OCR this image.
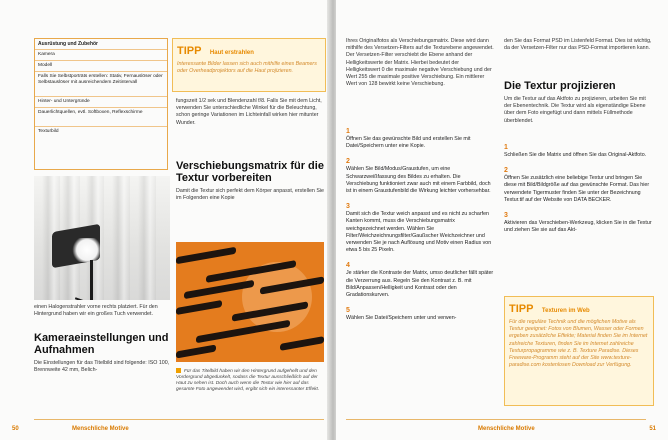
Ausrüstung und Zubehör
Kamera
Modell
Falls Sie Selbstporträts erstellen: Stativ, Fernauslöser oder Selbstauslöser mit ausreichendem Zeitintervall
Hinter- und Untergründe
Dauerlichtquellen, evtl. Softboxen, Reflexschirme
Texturbild
TIPP Haut erstrahlen
Interessante Bilder lassen sich auch mithilfe eines Beamers oder Overheadprojektors auf die Haut projizieren.
fungszeit 1/2 sek und Blendenzahl f/8. Falls Sie mit dem Licht, verwenden Sie unterschiedliche Winkel für die Beleuchtung, schon geringe Variationen im Lichteinfall wirken hier mitunter Wunder.
Verschiebungsmatrix für die Textur vorbereiten
Damit die Textur sich perfekt dem Körper anpasst, erstellen Sie im Folgenden eine Kopie
Für das Titelbild haben wir den Hintergrund aufgehellt und den Vordergrund abgedunkelt, sodass die Textur ausschließlich auf der Haut zu sehen ist. Doch auch wenn die Textur wie hier auf das gesamte Foto angewendet wird, ergibt sich ein interessanter Effekt.
einen Halogenstrahler vorne rechts platziert. Für den Hintergrund haben wir ein großes Tuch verwendet.
Kameraeinstellungen und Aufnahmen
Die Einstellungen für das Titelbild sind folgende: ISO 100, Brennweite 42 mm, Belich-
50	Menschliche Motive
Ihres Originalfotos als Verschiebungsmatrix. Diese wird dann mithilfe des Versetzen-Filters auf die Texturebene angewendet. Der Versetzen-Filter verschiebt die Ebene anhand der Helligkeitswerte der Matrix. Hierbei bedeutet der Helligkeitswert 0 die maximale negative Verschiebung und der Wert 255 die maximale positive Verschiebung. Ein mittlerer Wert von 128 bewirkt keine Verschiebung.
1
Öffnen Sie das gewünschte Bild und erstellen Sie mit Datei/Speichern unter eine Kopie.
2
Wählen Sie Bild/Modus/Graustufen, um eine Schwarzweißfassung des Bildes zu erhalten. Die Verschiebung funktioniert zwar auch mit einem Farbbild, doch ist in einem Graustufenbild die Wirkung leichter vorhersehbar.
3
Damit sich die Textur weich anpasst und es nicht zu scharfen Kanten kommt, muss die Verschiebungsmatrix weichgezeichnet werden. Wählen Sie Filter/Weichzeichnungsfilter/Gaußscher Weichzeichner und verwenden Sie je nach Auflösung und Motiv einen Radius von etwa 5 bis 25 Pixeln.
4
Je stärker die Kontraste der Matrix, umso deutlicher fällt später die Verzerrung aus. Regeln Sie den Kontrast z. B. mit Bild/Anpassen/Helligkeit und Kontrast oder den Gradationskurven.
5
Wählen Sie Datei/Speichern unter und verwen-
den Sie das Format PSD im Listenfeld Format. Dies ist wichtig, da der Versetzen-Filter nur das PSD-Format importieren kann.
Die Textur projizieren
Um die Textur auf das Aktfoto zu projizieren, arbeiten Sie mit der Ebenentechnik. Die Textur wird als eigenständige Ebene über dem Foto eingefügt und dann mittels Füllmethode überblendet.
1
Schließen Sie die Matrix und öffnen Sie das Original-Aktfoto.
2
Öffnen Sie zusätzlich eine beliebige Textur und bringen Sie diese mit Bild/Bildgröße auf das gewünschte Format. Das hier verwendete Tigermuster finden Sie unter der Bezeichnung Textur.tif auf der Website von DATA BECKER.
3
Aktivieren das Verschieben-Werkzeug, klicken Sie in die Textur und ziehen Sie sie auf das Akt-
TIPP Texturen im Web
Für die reguläre Technik und die möglichen Motive als Textur geeignet: Fotos von Blumen, Wasser oder Formen ergeben zusätzliche Effekte; Material finden Sie im Internet zahlreiche Texturen, finden Sie im Internet zahlreiche Texturpropagramme wie z. B. Texture Paradise. Dieses Freeware-Programm steht auf der Site www.texture-paradise.com kostenlosen Download zur Verfügung.
Menschliche Motive	51
